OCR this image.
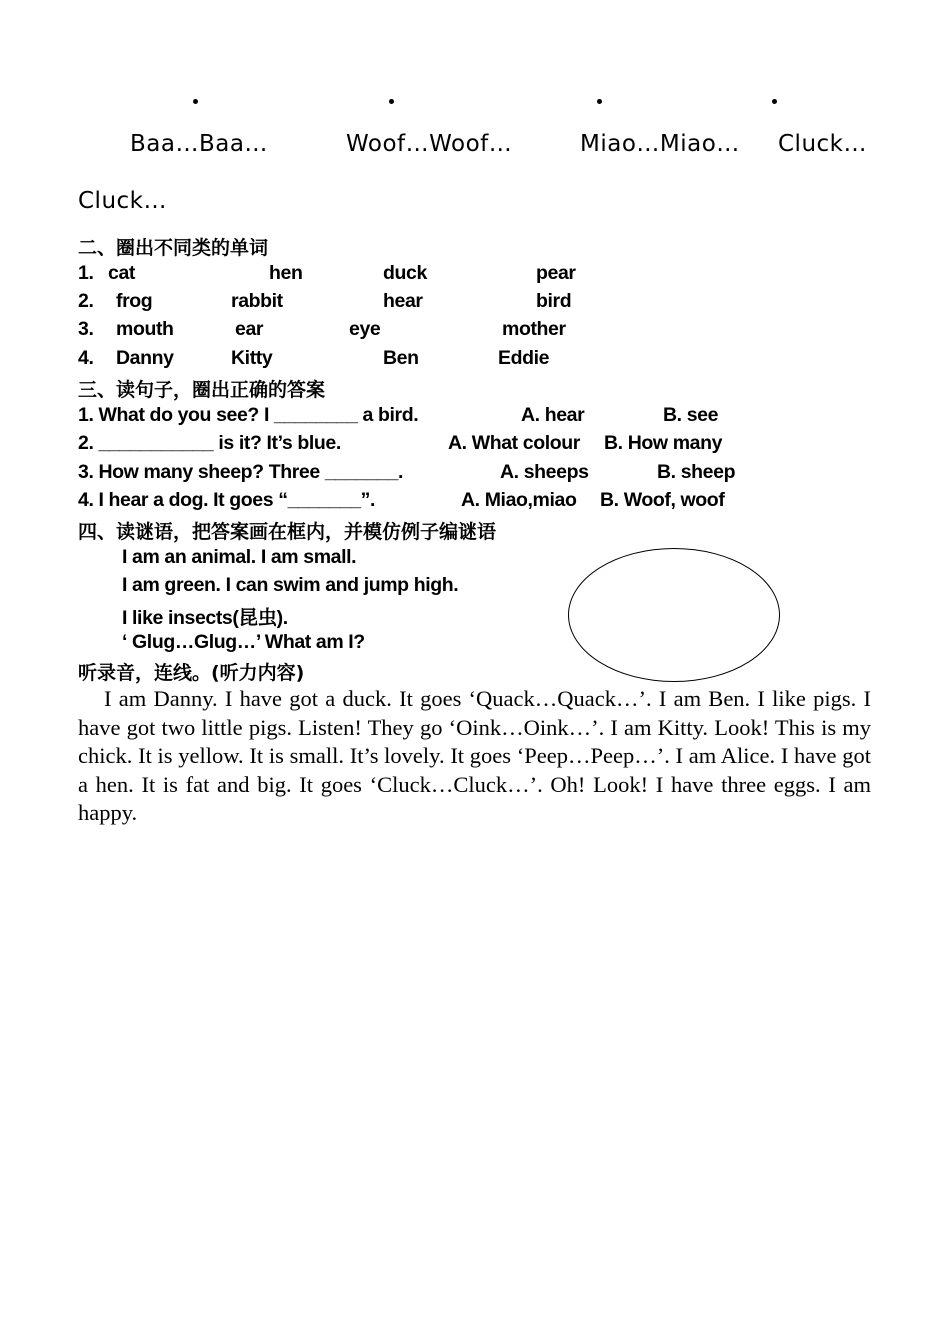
Baa…Baa…	Woof…Woof…	Miao…Miao… Cluck…
Cluck…
二、圈出不同类的单词
1. cat	hen	duck	pear
2. frog	rabbit	hear	bird
3. mouth	ear	eye	mother
4. Danny	Kitty	Ben	Eddie
三、读句子，圈出正确的答案
1. What do you see? I ________ a bird.	A. hear	B. see
2. ___________ is it? It’s blue.	A. What colour B. How many
3. How many sheep? Three _______.	A. sheeps	B. sheep
4. I hear a dog. It goes “_______”.	A. Miao,miao B. Woof, woof
四、读谜语，把答案画在框内，并模仿例子编谜语
I am an animal. I am small.
I am green. I can swim and jump high.
I like insects(昆虫).
‘ Glug…Glug…’ What am I?
听录音，连线。(听力内容)
I am Danny. I have got a duck. It goes ‘Quack…Quack…’. I am Ben. I like pigs. I have got two little pigs. Listen! They go ‘Oink…Oink…’. I am Kitty. Look! This is my chick. It is yellow. It is small. It’s lovely. It goes ‘Peep…Peep…’. I am Alice. I have got a hen. It is fat and big. It goes ‘Cluck…Cluck…’. Oh! Look! I have three eggs. I am happy.
